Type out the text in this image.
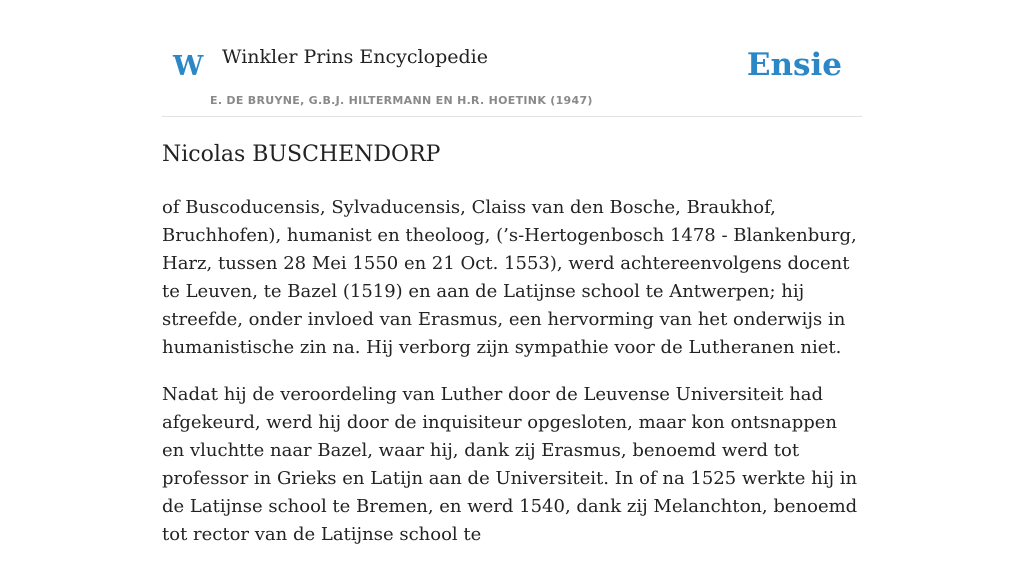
W Winkler Prins Encyclopedie
E. DE BRUYNE, G.B.J. HILTERMANN EN H.R. HOETINK (1947)
Ensie
Nicolas BUSCHENDORP

of Buscoducensis, Sylvaducensis, Claiss van den Bosche, Braukhof, Bruchhofen), humanist en theoloog, (’s-Hertogenbosch 1478 - Blankenburg, Harz, tussen 28 Mei 1550 en 21 Oct. 1553), werd achtereenvolgens docent te Leuven, te Bazel (1519) en aan de Latijnse school te Antwerpen; hij streefde, onder invloed van Erasmus, een hervorming van het onderwijs in humanistische zin na. Hij verborg zijn sympathie voor de Lutheranen niet.

Nadat hij de veroordeling van Luther door de Leuvense Universiteit had afgekeurd, werd hij door de inquisiteur opgesloten, maar kon ontsnappen en vluchtte naar Bazel, waar hij, dank zij Erasmus, benoemd werd tot professor in Grieks en Latijn aan de Universiteit. In of na 1525 werkte hij in de Latijnse school te Bremen, en werd 1540, dank zij Melanchton, benoemd tot rector van de Latijnse school te
